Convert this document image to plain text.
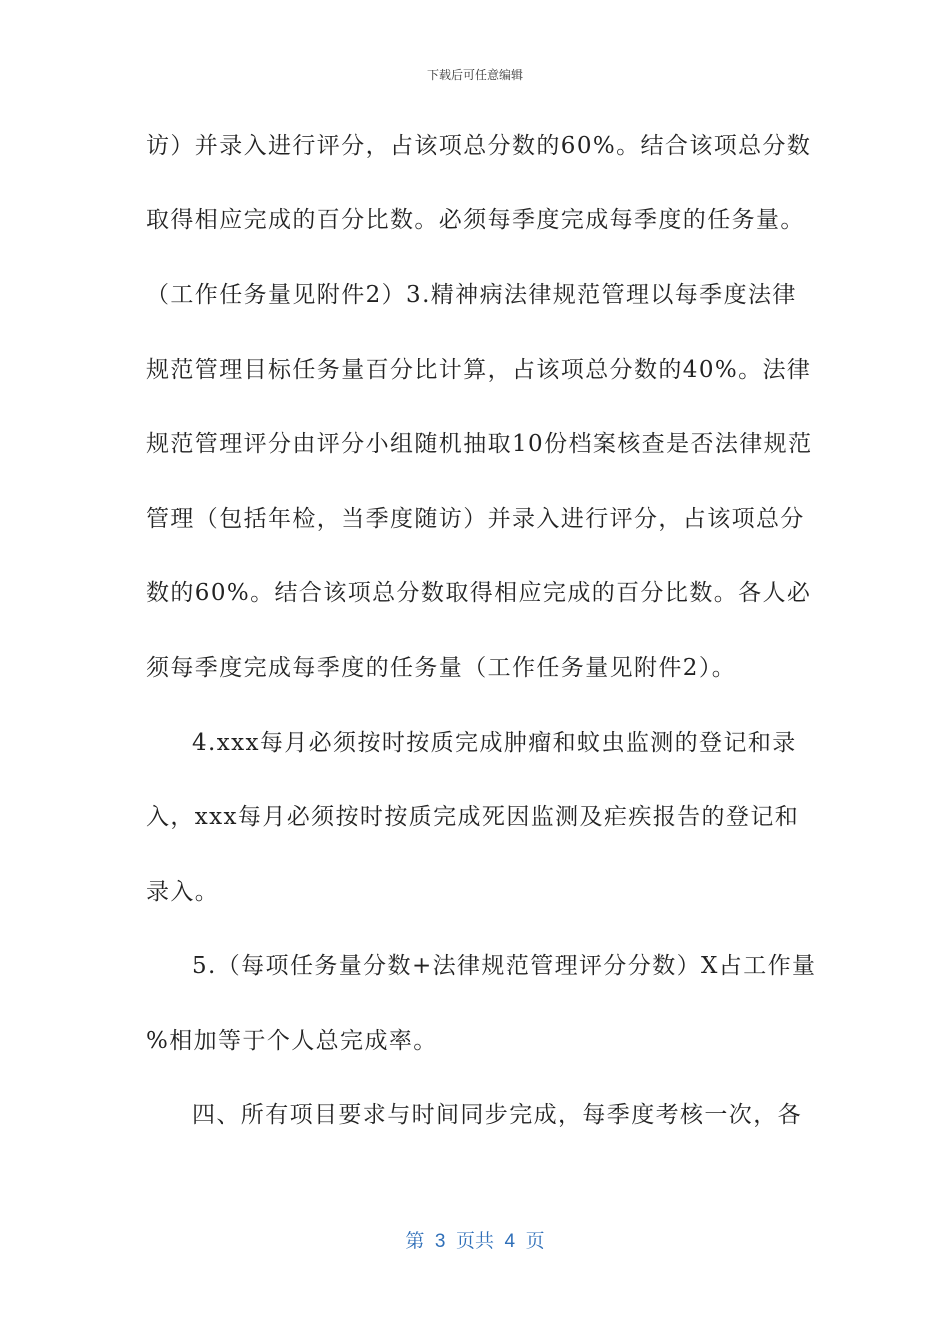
下载后可任意编辑
访）并录入进行评分，占该项总分数的60%。结合该项总分数
取得相应完成的百分比数。必须每季度完成每季度的任务量。
（工作任务量见附件2）3.精神病法律规范管理以每季度法律
规范管理目标任务量百分比计算，占该项总分数的40%。法律
规范管理评分由评分小组随机抽取10份档案核查是否法律规范
管理（包括年检，当季度随访）并录入进行评分，占该项总分
数的60%。结合该项总分数取得相应完成的百分比数。各人必
须每季度完成每季度的任务量（工作任务量见附件2）。
4.xxx每月必须按时按质完成肿瘤和蚊虫监测的登记和录
入，xxx每月必须按时按质完成死因监测及疟疾报告的登记和
录入。
5.（每项任务量分数+法律规范管理评分分数）X占工作量
%相加等于个人总完成率。
四、所有项目要求与时间同步完成，每季度考核一次，各
第  3  页共  4  页
